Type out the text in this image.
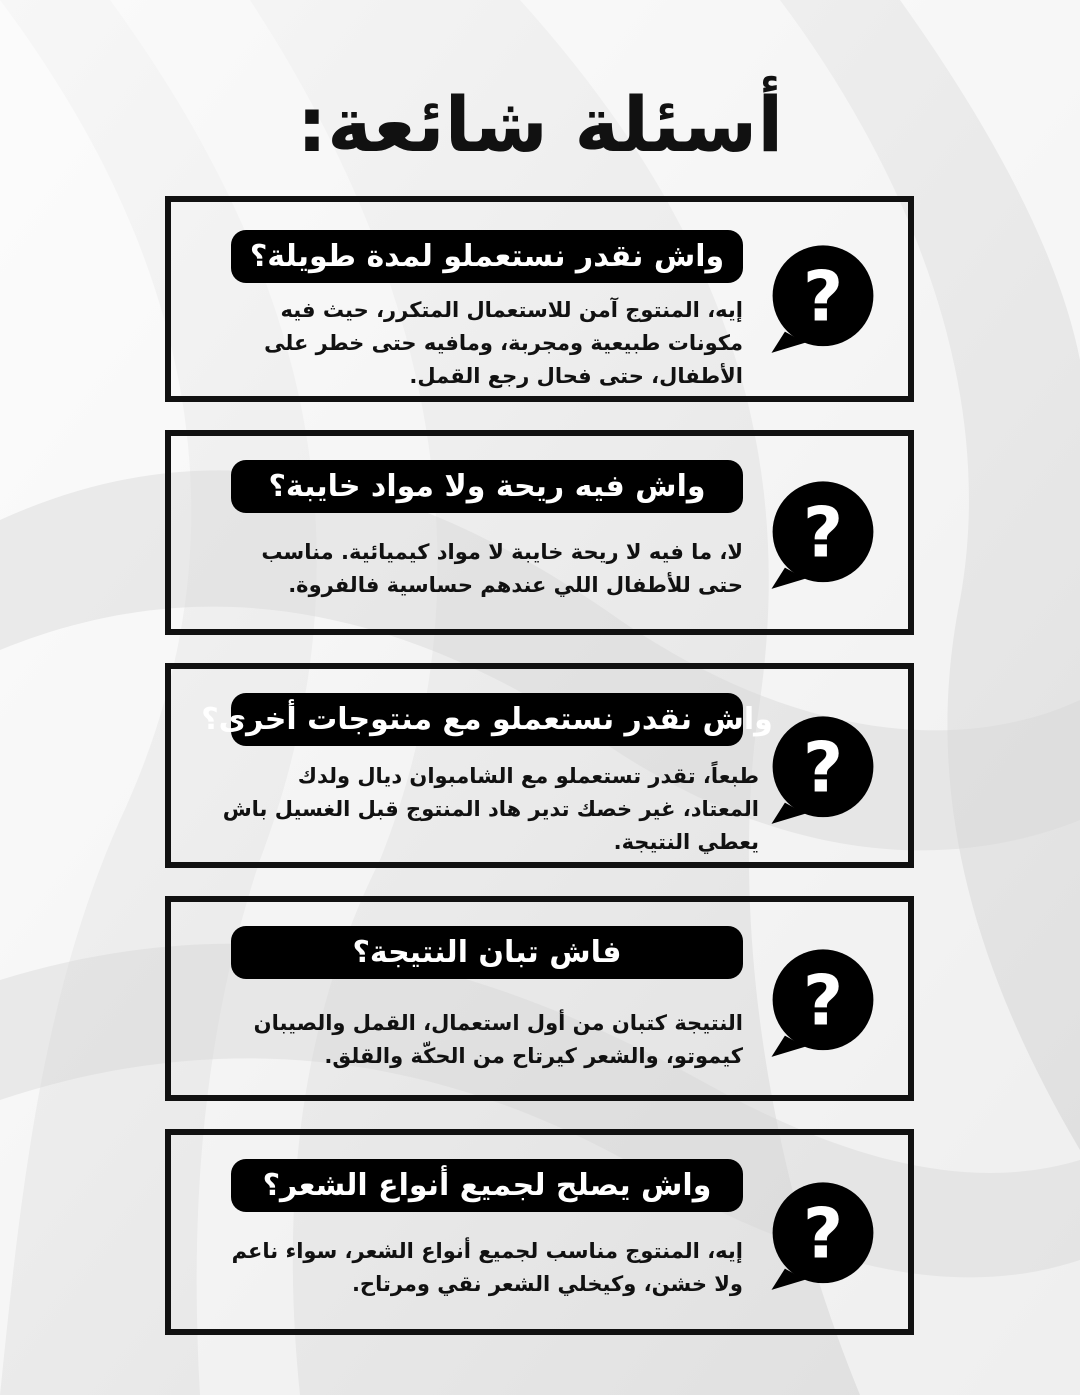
أسئلة شائعة:
واش نقدر نستعملو لمدة طويلة؟

إيه، المنتوج آمن للاستعمال المتكرر، حيث فيه مكونات طبيعية ومجربة، ومافيه حتى خطر على الأطفال، حتى فحال رجع القمل.

?
واش فيه ريحة ولا مواد خايبة؟

لا، ما فيه لا ريحة خايبة لا مواد كيميائية. مناسب حتى للأطفال اللي عندهم حساسية فالفروة.

?
واش نقدر نستعملو مع منتوجات أخرى؟

طبعاً، تقدر تستعملو مع الشامبوان ديال ولدك المعتاد، غير خصك تدير هاد المنتوج قبل الغسيل باش يعطي النتيجة.

?
فاش تبان النتيجة؟

النتيجة كتبان من أول استعمال، القمل والصيبان كيموتو، والشعر كيرتاح من الحكّة والقلق.

?
واش يصلح لجميع أنواع الشعر؟

إيه، المنتوج مناسب لجميع أنواع الشعر، سواء ناعم ولا خشن، وكيخلي الشعر نقي ومرتاح.

?
